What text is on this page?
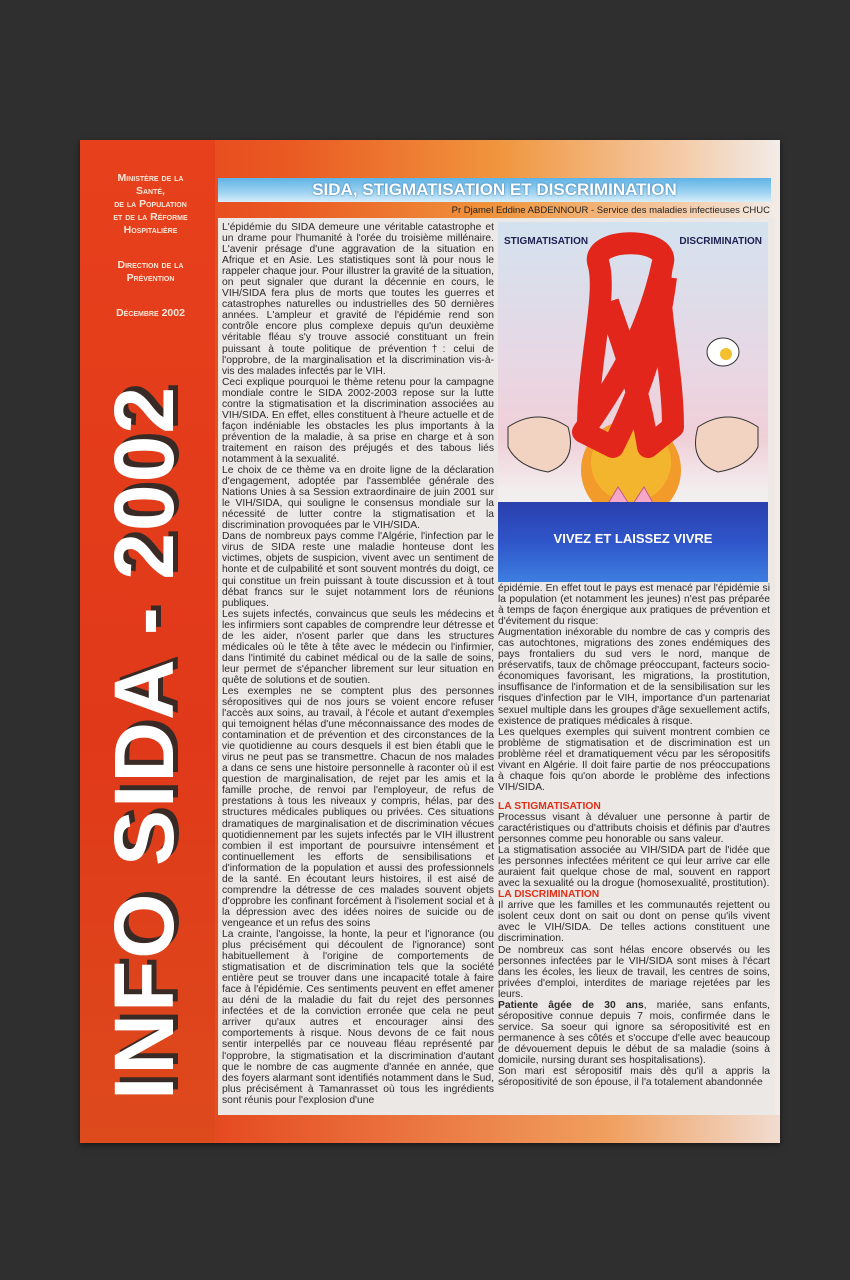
Ministère de la
Santé,
de la Population
et de la Réforme
Hospitalière
Direction de la
Prévention
Décembre 2002
INFO SIDA - 2002
SIDA, STIGMATISATION ET DISCRIMINATION
Pr Djamel Eddine ABDENNOUR - Service des maladies infectieuses CHUC

L'épidémie du SIDA demeure une véritable catastrophe et un drame pour l'humanité à l'orée du troisième millénaire. L'avenir présage d'une aggravation de la situation en Afrique et en Asie. Les statistiques sont là pour nous le rappeler chaque jour. Pour illustrer la gravité de la situation, on peut signaler que durant la décennie en cours, le VIH/SIDA fera plus de morts que toutes les guerres et catastrophes naturelles ou industrielles des 50 dernières années. L'ampleur et gravité de l'épidémie rend son contrôle encore plus complexe depuis qu'un deuxième véritable fléau s'y trouve associé constituant un frein puissant à toute politique de prévention†: celui de l'opprobre, de la marginalisation et la discrimination vis-à-vis des malades infectés par le VIH.

Ceci explique pourquoi le thème retenu pour la campagne mondiale contre le SIDA 2002-2003 repose sur la lutte contre la stigmatisation et la discrimination associées au VIH/SIDA. En effet, elles constituent à l'heure actuelle et de façon indéniable les obstacles les plus importants à la prévention de la maladie, à sa prise en charge et à son traitement en raison des préjugés et des tabous liés notamment à la sexualité.

Le choix de ce thème va en droite ligne de la déclaration d'engagement, adoptée par l'assemblée générale des Nations Unies à sa Session extraordinaire de juin 2001 sur le VIH/SIDA, qui souligne le consensus mondiale sur la nécessité de lutter contre la stigmatisation et la discrimination provoquées par le VIH/SIDA.

Dans de nombreux pays comme l'Algérie, l'infection par le virus de SIDA reste une maladie honteuse dont les victimes, objets de suspicion, vivent avec un sentiment de honte et de culpabilité et sont souvent montrés du doigt, ce qui constitue un frein puissant à toute discussion et à tout débat francs sur le sujet notamment lors de réunions publiques.

Les sujets infectés, convaincus que seuls les médecins et les infirmiers sont capables de comprendre leur détresse et de les aider, n'osent parler que dans les structures médicales où le tête à tête avec le médecin ou l'infirmier, dans l'intimité du cabinet médical ou de la salle de soins, leur permet de s'épancher librement sur leur situation en quête de solutions et de soutien.

Les exemples ne se comptent plus des personnes séropositives qui de nos jours se voient encore refuser l'accès aux soins, au travail, à l'école et autant d'exemples qui temoignent hélas d'une méconnaissance des modes de contamination et de prévention et des circonstances de la vie quotidienne au cours desquels il est bien établi que le virus ne peut pas se transmettre. Chacun de nos malades a dans ce sens une histoire personnelle à raconter où il est question de marginalisation, de rejet par les amis et la famille proche, de renvoi par l'employeur, de refus de prestations à tous les niveaux y compris, hélas, par des structures médicales publiques ou privées. Ces situations dramatiques de marginalisation et de discrimination vécues quotidiennement par les sujets infectés par le VIH illustrent combien il est important de poursuivre intensément et continuellement les efforts de sensibilisations et d'information de la population et aussi des professionnels de la santé. En écoutant leurs histoires, il est aisé de comprendre la détresse de ces malades souvent objets d'opprobre les confinant forcément à l'isolement social et à la dépression avec des idées noires de suicide ou de vengeance et un refus des soins

La crainte, l'angoisse, la honte, la peur et l'ignorance (ou plus précisément qui découlent de l'ignorance) sont habituellement à l'origine de comportements de stigmatisation et de discrimination tels que la société entière peut se trouver dans une incapacité totale à faire face à l'épidémie. Ces sentiments peuvent en effet amener au déni de la maladie du fait du rejet des personnes infectées et de la conviction erronée que cela ne peut arriver qu'aux autres et encourager ainsi des comportements à risque. Nous devons de ce fait nous sentir interpellés par ce nouveau fléau représenté par l'opprobre, la stigmatisation et la discrimination d'autant que le nombre de cas augmente d'année en année, que des foyers alarmant sont identifiés notamment dans le Sud, plus précisément à Tamanrasset où tous les ingrédients sont réunis pour l'explosion d'une

STIGMATISATION	ET	DISCRIMINATION
VIVEZ ET LAISSEZ VIVRE

épidémie. En effet tout le pays est menacé par l'épidémie si la population (et notamment les jeunes) n'est pas préparée à temps de façon énergique aux pratiques de prévention et d'évitement du risque:

Augmentation inéxorable du nombre de cas y compris des cas autochtones, migrations des zones endémiques des pays frontaliers du sud vers le nord, manque de préservatifs, taux de chômage préoccupant, facteurs socio-économiques favorisant, les migrations, la prostitution, insuffisance de l'information et de la sensibilisation sur les risques d'infection par le VIH, importance d'un partenariat sexuel multiple dans les groupes d'âge sexuellement actifs, existence de pratiques médicales à risque.

Les quelques exemples qui suivent montrent combien ce problème de stigmatisation et de discrimination est un problème réel et dramatiquement vécu par les séropositifs vivant en Algérie. Il doit faire partie de nos préoccupations à chaque fois qu'on aborde le problème des infections VIH/SIDA.

LA STIGMATISATION

Processus visant à dévaluer une personne à partir de caractéristiques ou d'attributs choisis et définis par d'autres personnes comme peu honorable ou sans valeur.

La stigmatisation associée au VIH/SIDA part de l'idée que les personnes infectées méritent ce qui leur arrive car elle auraient fait quelque chose de mal, souvent en rapport avec la sexualité ou la drogue (homosexualité, prostitution).

LA DISCRIMINATION

Il arrive que les familles et les communautés rejettent ou isolent ceux dont on sait ou dont on pense qu'ils vivent avec le VIH/SIDA. De telles actions constituent une discrimination.

De nombreux cas sont hélas encore observés ou les personnes infectées par le VIH/SIDA sont mises à l'écart dans les écoles, les lieux de travail, les centres de soins, privées d'emploi, interdites de mariage rejetées par les leurs.

Patiente âgée de 30 ans, mariée, sans enfants, séropositive connue depuis 7 mois, confirmée dans le service. Sa soeur qui ignore sa séropositivité est en permanence à ses côtés et s'occupe d'elle avec beaucoup de dévouement depuis le début de sa maladie (soins à domicile, nursing durant ses hospitalisations).

Son mari est séropositif mais dès qu'il a appris la séropositivité de son épouse, il l'a totalement abandonnée
